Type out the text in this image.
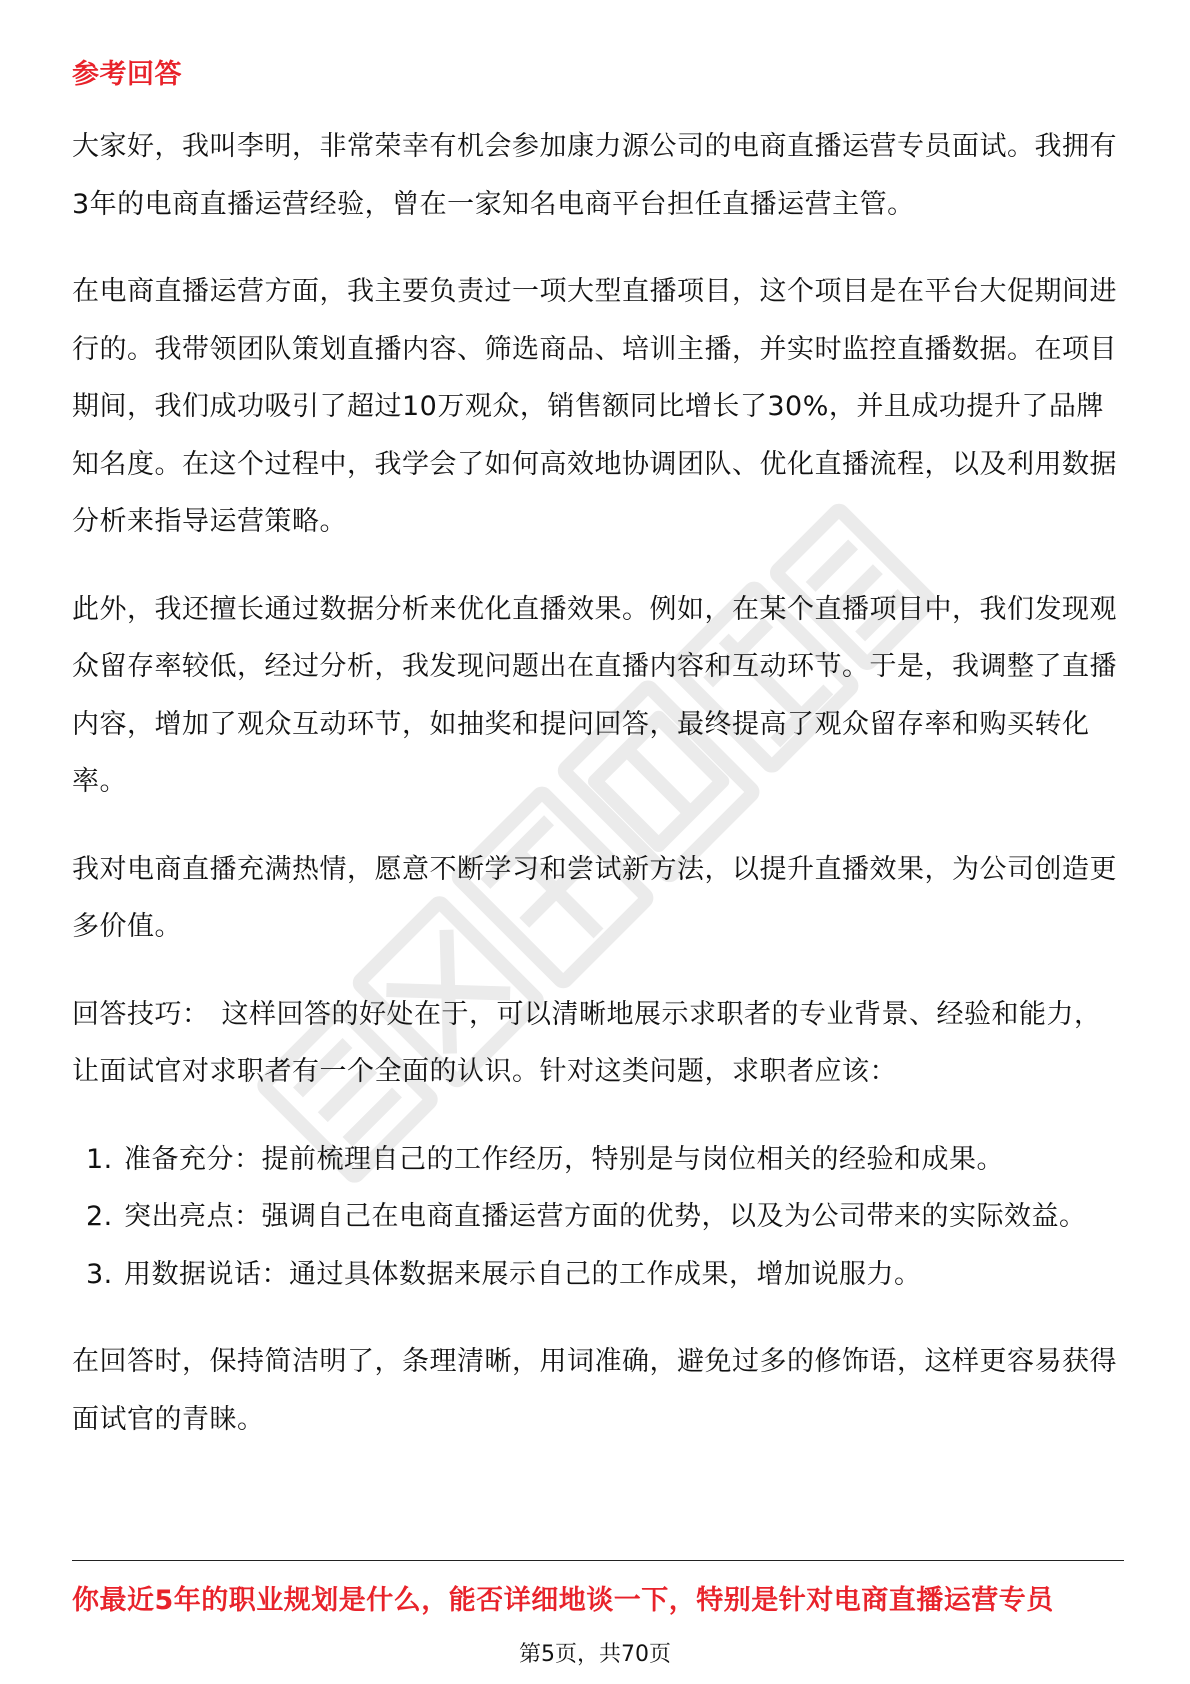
参考回答

大家好，我叫李明，非常荣幸有机会参加康力源公司的电商直播运营专员面试。我拥有3年的电商直播运营经验，曾在一家知名电商平台担任直播运营主管。

在电商直播运营方面，我主要负责过一项大型直播项目，这个项目是在平台大促期间进行的。我带领团队策划直播内容、筛选商品、培训主播，并实时监控直播数据。在项目期间，我们成功吸引了超过10万观众，销售额同比增长了30%，并且成功提升了品牌知名度。在这个过程中，我学会了如何高效地协调团队、优化直播流程，以及利用数据分析来指导运营策略。

此外，我还擅长通过数据分析来优化直播效果。例如，在某个直播项目中，我们发现观众留存率较低，经过分析，我发现问题出在直播内容和互动环节。于是，我调整了直播内容，增加了观众互动环节，如抽奖和提问回答，最终提高了观众留存率和购买转化率。

我对电商直播充满热情，愿意不断学习和尝试新方法，以提升直播效果，为公司创造更多价值。

回答技巧： 这样回答的好处在于，可以清晰地展示求职者的专业背景、经验和能力，让面试官对求职者有一个全面的认识。针对这类问题，求职者应该：

1. 准备充分：提前梳理自己的工作经历，特别是与岗位相关的经验和成果。
2. 突出亮点：强调自己在电商直播运营方面的优势，以及为公司带来的实际效益。
3. 用数据说话：通过具体数据来展示自己的工作成果，增加说服力。

在回答时，保持简洁明了，条理清晰，用词准确，避免过多的修饰语，这样更容易获得面试官的青睐。

你最近5年的职业规划是什么，能否详细地谈一下，特别是针对电商直播运营专员
第5页，共70页
